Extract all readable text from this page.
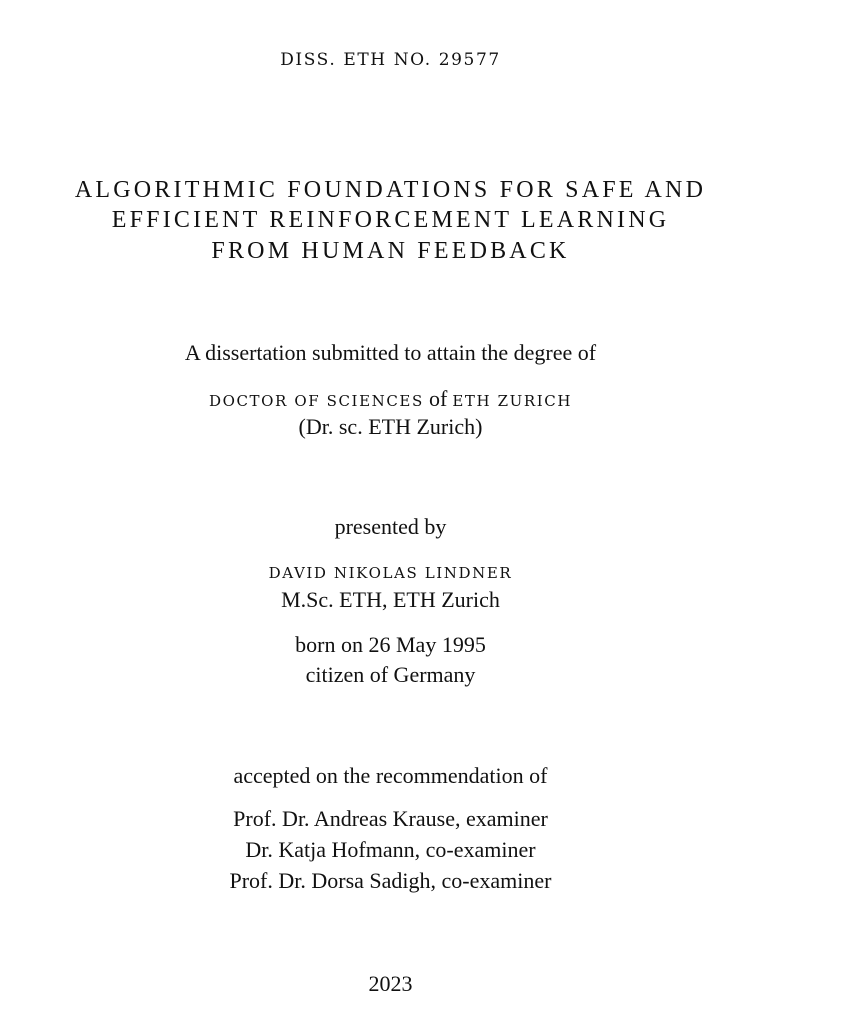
DISS. ETH NO. 29577
ALGORITHMIC FOUNDATIONS FOR SAFE AND
EFFICIENT REINFORCEMENT LEARNING
FROM HUMAN FEEDBACK
A dissertation submitted to attain the degree of
DOCTOR OF SCIENCES of ETH ZURICH
(Dr. sc. ETH Zurich)
presented by
DAVID NIKOLAS LINDNER
M.Sc. ETH, ETH Zurich
born on 26 May 1995
citizen of Germany
accepted on the recommendation of
Prof. Dr. Andreas Krause, examiner
Dr. Katja Hofmann, co-examiner
Prof. Dr. Dorsa Sadigh, co-examiner
2023
